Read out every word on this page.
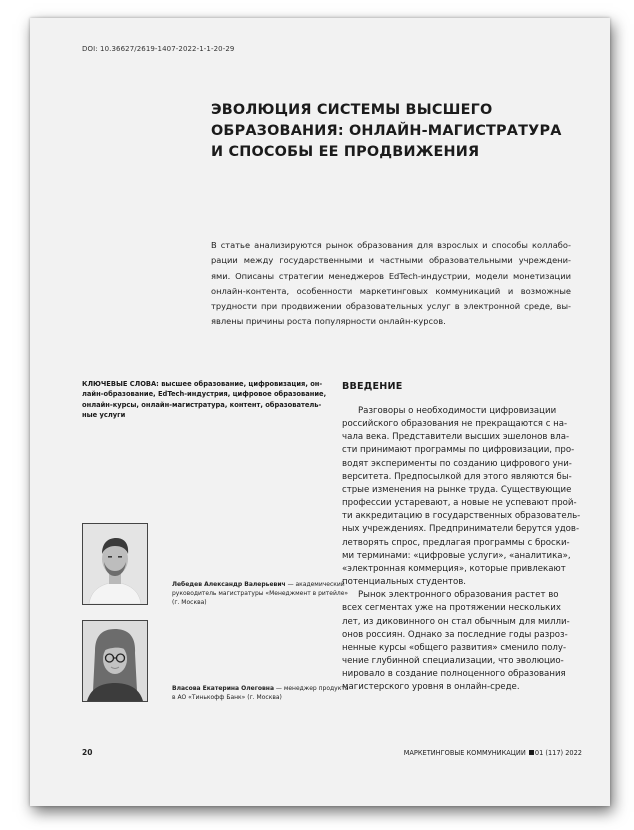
DOI: 10.36627/2619-1407-2022-1-1-20-29
ЭВОЛЮЦИЯ СИСТЕМЫ ВЫСШЕГО
ОБРАЗОВАНИЯ: ОНЛАЙН-МАГИСТРАТУРА
И СПОСОБЫ ЕЕ ПРОДВИЖЕНИЯ
В статье анализируются рынок образования для взрослых и способы коллабо-
рации между государственными и частными образовательными учреждени-
ями. Описаны стратегии менеджеров EdTech-индустрии, модели монетизации
онлайн-контента, особенности маркетинговых коммуникаций и возможные
трудности при продвижении образовательных услуг в электронной среде, вы-
явлены причины роста популярности онлайн-курсов.
КЛЮЧЕВЫЕ СЛОВА: высшее образование, цифровизация, он-
лайн-образование, EdTech-индустрия, цифровое образование,
онлайн-курсы, онлайн-магистратура, контент, образователь-
ные услуги
Лебедев Александр Валерьевич — академический
руководитель магистратуры «Менеджмент в ритейле»
(г. Москва)
Власова Екатерина Олеговна — менеджер продукта
в АО «Тинькофф Банк» (г. Москва)
ВВЕДЕНИЕ
Разговоры о необходимости цифровизации
российского образования не прекращаются с на-
чала века. Представители высших эшелонов вла-
сти принимают программы по цифровизации, про-
водят эксперименты по созданию цифрового уни-
верситета. Предпосылкой для этого являются бы-
стрые изменения на рынке труда. Существующие
профессии устаревают, а новые не успевают прой-
ти аккредитацию в государственных образователь-
ных учреждениях. Предприниматели берутся удов-
летворять спрос, предлагая программы с броски-
ми терминами: «цифровые услуги», «аналитика»,
«электронная коммерция», которые привлекают
потенциальных студентов.
Рынок электронного образования растет во
всех сегментах уже на протяжении нескольких
лет, из диковинного он стал обычным для милли-
онов россиян. Однако за последние годы разроз-
ненные курсы «общего развития» сменило полу-
чение глубинной специализации, что эволюцио-
нировало в создание полноценного образования
магистерского уровня в онлайн-среде.
20	МАРКЕТИНГОВЫЕ КОММУНИКАЦИИ 01 (117) 2022
